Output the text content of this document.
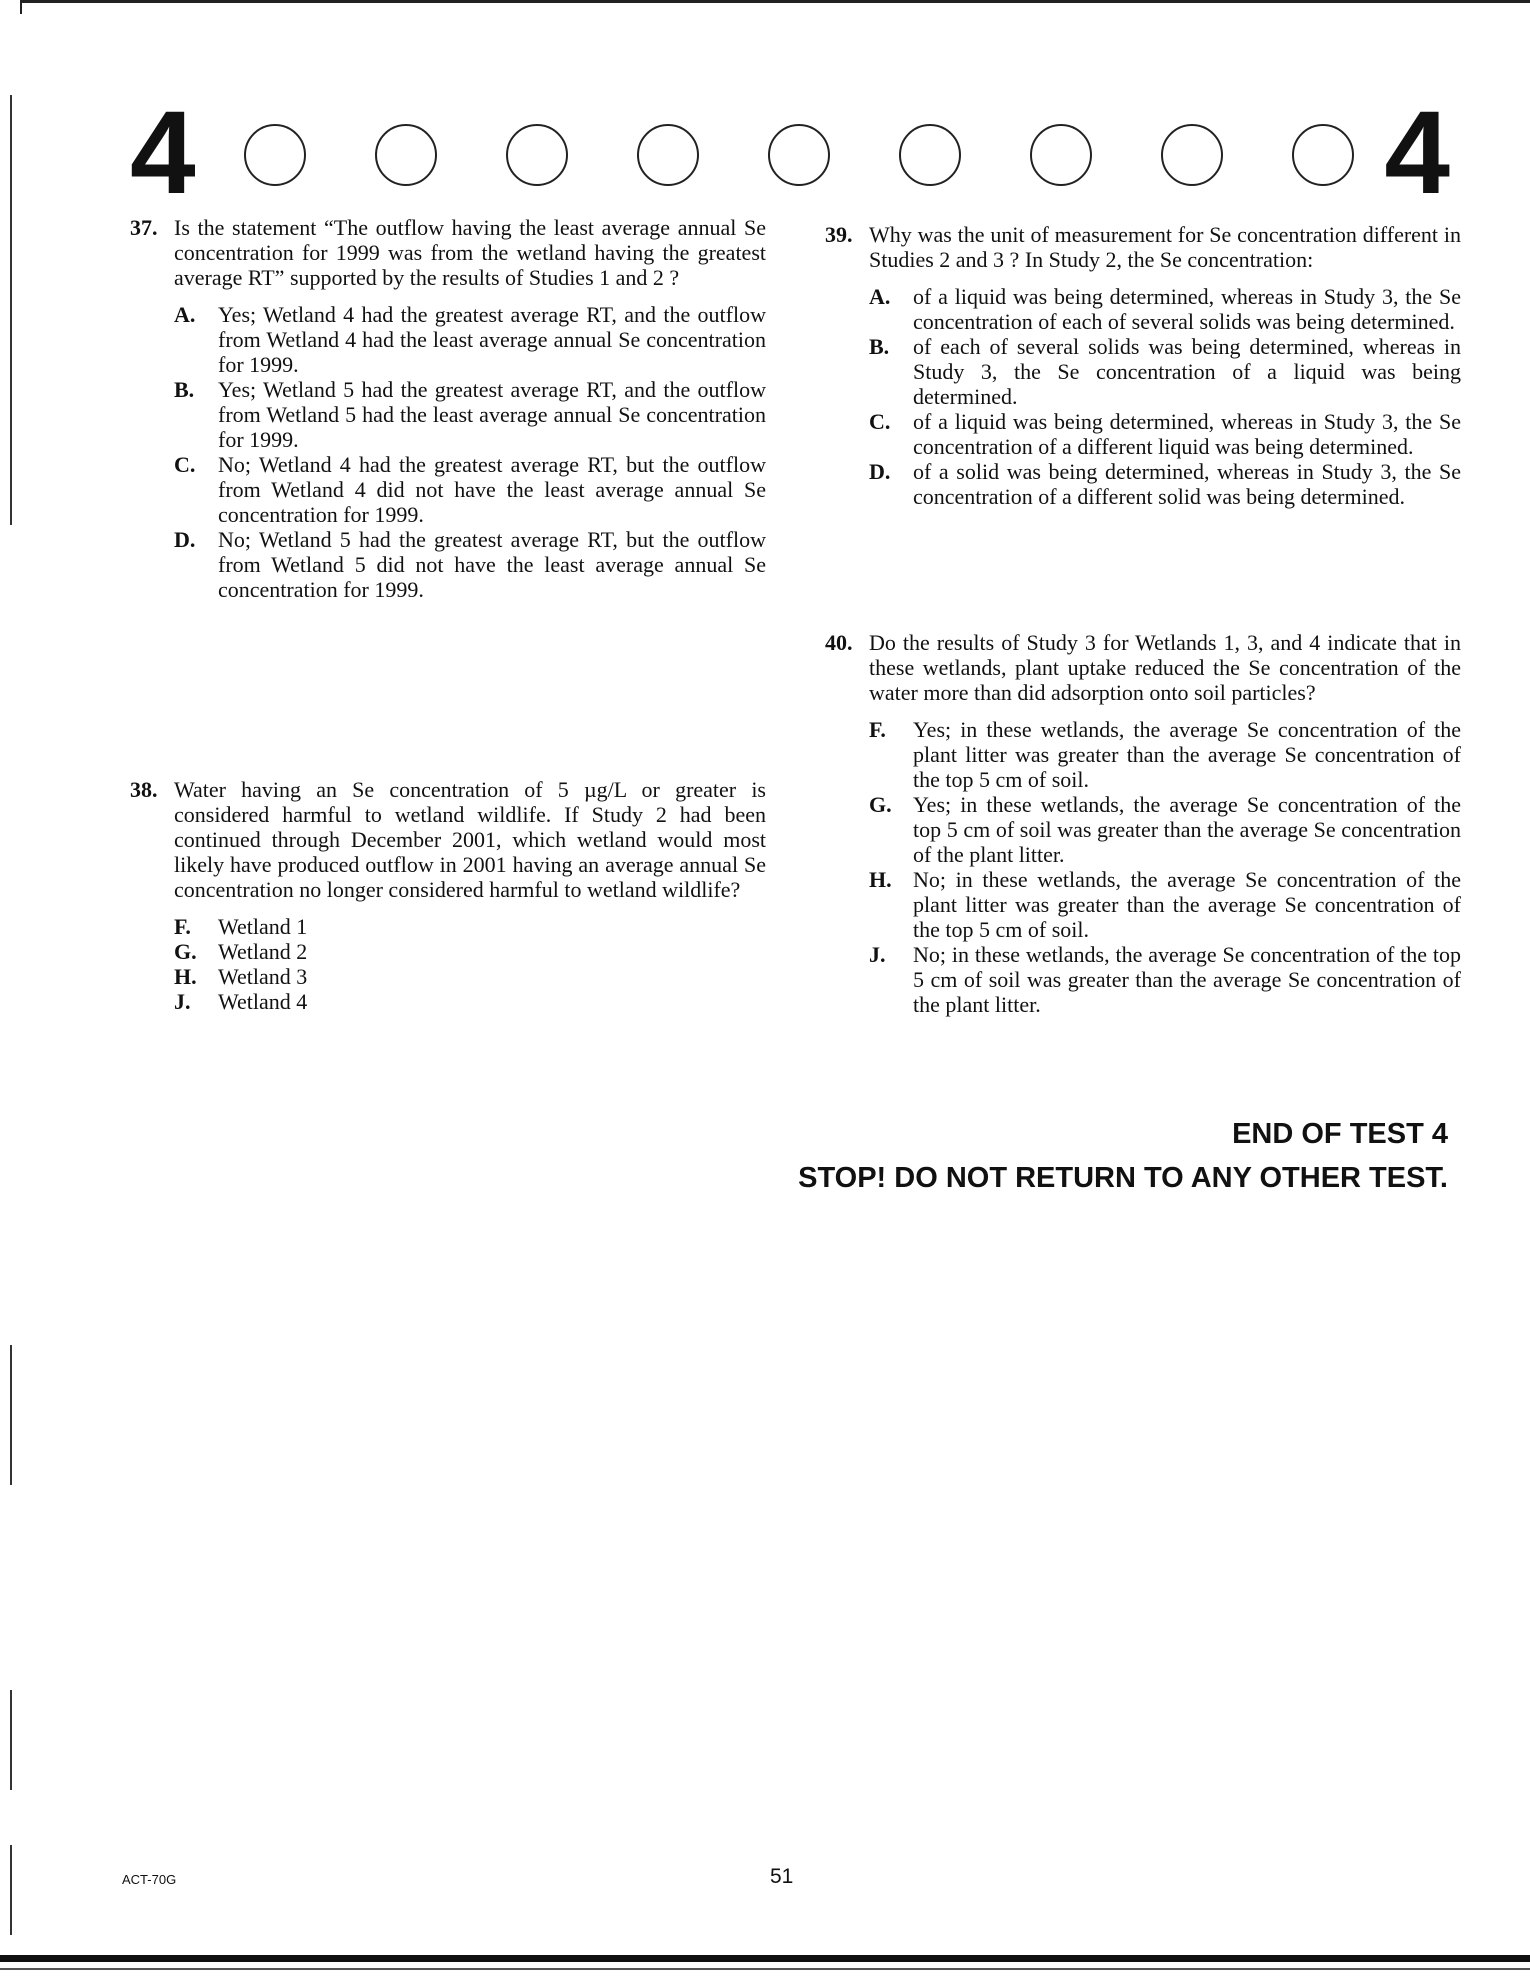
4	4
37. Is the statement “The outflow having the least average annual Se concentration for 1999 was from the wetland having the greatest average RT” supported by the results of Studies 1 and 2 ?
A.	Yes; Wetland 4 had the greatest average RT, and the outflow from Wetland 4 had the least average annual Se concentration for 1999.
B.	Yes; Wetland 5 had the greatest average RT, and the outflow from Wetland 5 had the least average annual Se concentration for 1999.
C.	No; Wetland 4 had the greatest average RT, but the outflow from Wetland 4 did not have the least average annual Se concentration for 1999.
D.	No; Wetland 5 had the greatest average RT, but the outflow from Wetland 5 did not have the least average annual Se concentration for 1999.
38. Water having an Se concentration of 5 µg/L or greater is considered harmful to wetland wildlife. If Study 2 had been continued through December 2001, which wetland would most likely have produced outflow in 2001 having an average annual Se concentration no longer considered harmful to wetland wildlife?
F.	Wetland 1
G. Wetland 2
H. Wetland 3
J.	Wetland 4
39. Why was the unit of measurement for Se concentration different in Studies 2 and 3 ? In Study 2, the Se concentration:
A.	of a liquid was being determined, whereas in Study 3, the Se concentration of each of several solids was being determined.
B.	of each of several solids was being determined, whereas in Study 3, the Se concentration of a liquid was being determined.
C.	of a liquid was being determined, whereas in Study 3, the Se concentration of a different liquid was being determined.
D.	of a solid was being determined, whereas in Study 3, the Se concentration of a different solid was being determined.
40. Do the results of Study 3 for Wetlands 1, 3, and 4 indicate that in these wetlands, plant uptake reduced the Se concentration of the water more than did adsorption onto soil particles?
F.	Yes; in these wetlands, the average Se concentration of the plant litter was greater than the average Se concentration of the top 5 cm of soil.
G. Yes; in these wetlands, the average Se concentration of the top 5 cm of soil was greater than the average Se concentration of the plant litter.
H. No; in these wetlands, the average Se concentration of the plant litter was greater than the average Se concentration of the top 5 cm of soil.
J.	No; in these wetlands, the average Se concentration of the top 5 cm of soil was greater than the average Se concentration of the plant litter.
END OF TEST 4
STOP! DO NOT RETURN TO ANY OTHER TEST.
ACT-70G	51
